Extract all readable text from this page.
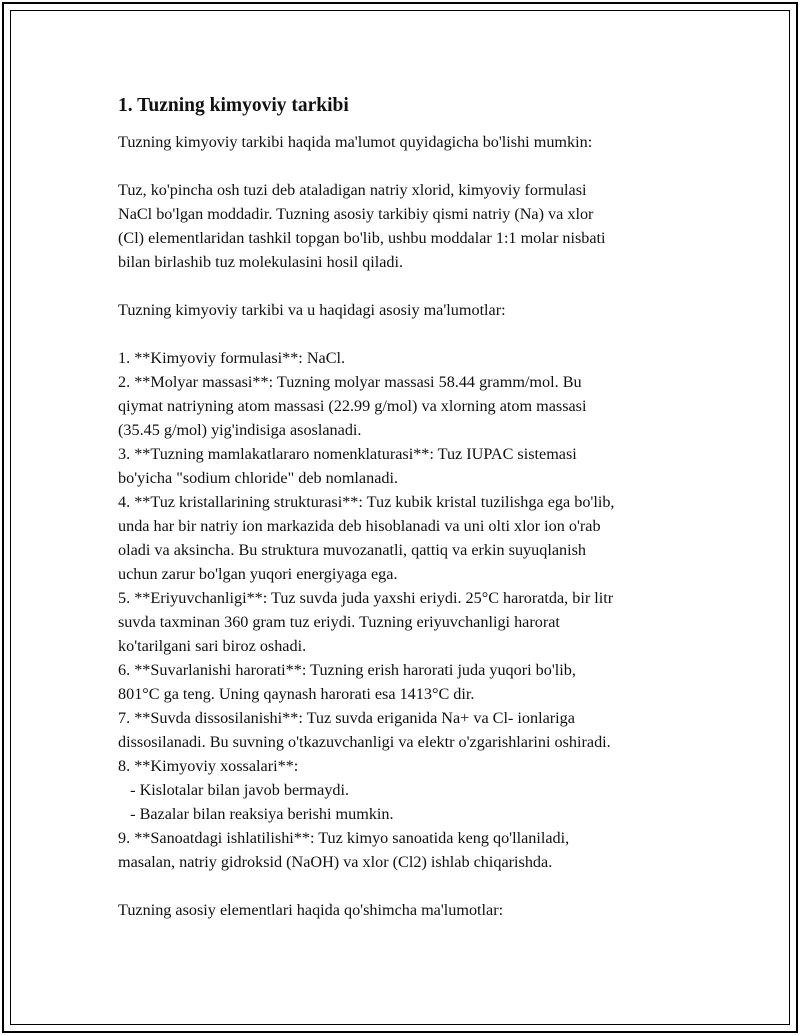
1. Tuzning kimyoviy tarkibi

Tuzning kimyoviy tarkibi haqida ma'lumot quyidagicha bo'lishi mumkin:

Tuz, ko'pincha osh tuzi deb ataladigan natriy xlorid, kimyoviy formulasi

NaCl bo'lgan moddadir. Tuzning asosiy tarkibiy qismi natriy (Na) va xlor

(Cl) elementlaridan tashkil topgan bo'lib, ushbu moddalar 1:1 molar nisbati

bilan birlashib tuz molekulasini hosil qiladi.

Tuzning kimyoviy tarkibi va u haqidagi asosiy ma'lumotlar:

1. **Kimyoviy formulasi**: NaCl.

2. **Molyar massasi**: Tuzning molyar massasi 58.44 gramm/mol. Bu

qiymat natriyning atom massasi (22.99 g/mol) va xlorning atom massasi

(35.45 g/mol) yig'indisiga asoslanadi.

3. **Tuzning mamlakatlararo nomenklaturasi**: Tuz IUPAC sistemasi

bo'yicha "sodium chloride" deb nomlanadi.

4. **Tuz kristallarining strukturasi**: Tuz kubik kristal tuzilishga ega bo'lib,

unda har bir natriy ion markazida deb hisoblanadi va uni olti xlor ion o'rab

oladi va aksincha. Bu struktura muvozanatli, qattiq va erkin suyuqlanish

uchun zarur bo'lgan yuqori energiyaga ega.

5. **Eriyuvchanligi**: Tuz suvda juda yaxshi eriydi. 25°C haroratda, bir litr

suvda taxminan 360 gram tuz eriydi. Tuzning eriyuvchanligi harorat

ko'tarilgani sari biroz oshadi.

6. **Suvarlanishi harorati**: Tuzning erish harorati juda yuqori bo'lib,

801°C ga teng. Uning qaynash harorati esa 1413°C dir.

7. **Suvda dissosilanishi**: Tuz suvda eriganida Na+ va Cl- ionlariga

dissosilanadi. Bu suvning o'tkazuvchanligi va elektr o'zgarishlarini oshiradi.

8. **Kimyoviy xossalari**:

- Kislotalar bilan javob bermaydi.

- Bazalar bilan reaksiya berishi mumkin.

9. **Sanoatdagi ishlatilishi**: Tuz kimyo sanoatida keng qo'llaniladi,

masalan, natriy gidroksid (NaOH) va xlor (Cl2) ishlab chiqarishda.

Tuzning asosiy elementlari haqida qo'shimcha ma'lumotlar:
